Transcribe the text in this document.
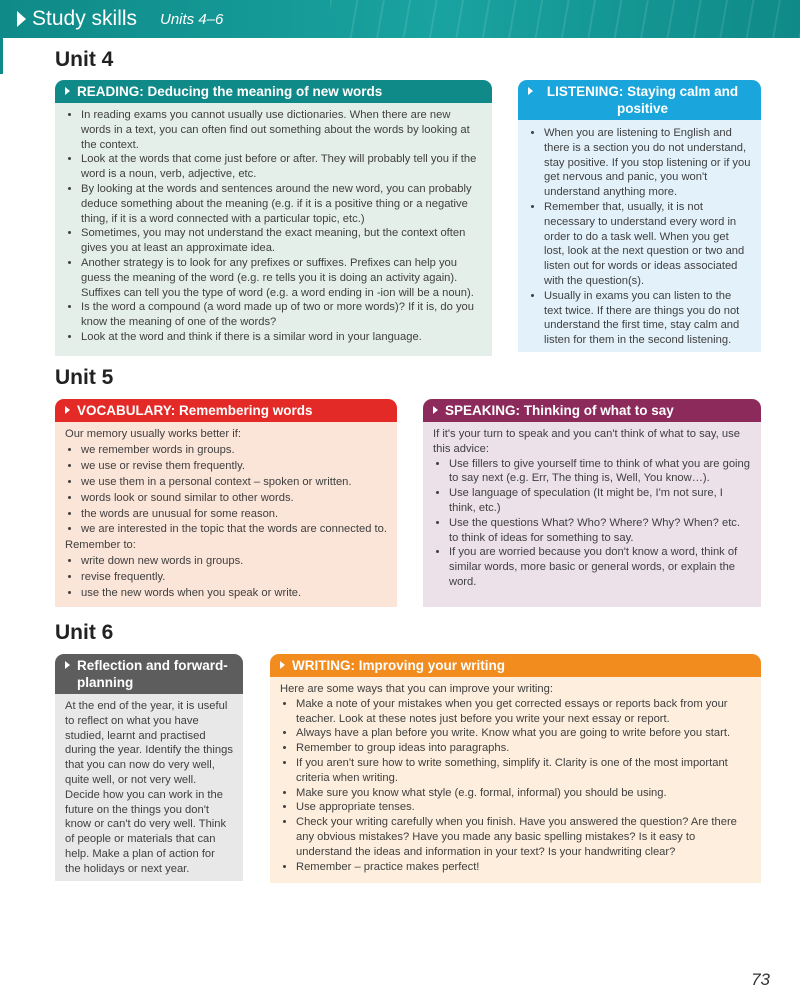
Study skills Units 4–6
Unit 4
READING: Deducing the meaning of new words
• In reading exams you cannot usually use dictionaries. When there are new words in a text, you can often find out something about the words by looking at the context.
• Look at the words that come just before or after. They will probably tell you if the word is a noun, verb, adjective, etc.
• By looking at the words and sentences around the new word, you can probably deduce something about the meaning (e.g. if it is a positive thing or a negative thing, if it is a word connected with a particular topic, etc.)
• Sometimes, you may not understand the exact meaning, but the context often gives you at least an approximate idea.
• Another strategy is to look for any prefixes or suffixes. Prefixes can help you guess the meaning of the word (e.g. re tells you it is doing an activity again). Suffixes can tell you the type of word (e.g. a word ending in -ion will be a noun).
• Is the word a compound (a word made up of two or more words)? If it is, do you know the meaning of one of the words?
• Look at the word and think if there is a similar word in your language.
LISTENING: Staying calm and positive
• When you are listening to English and there is a section you do not understand, stay positive. If you stop listening or if you get nervous and panic, you won't understand anything more.
• Remember that, usually, it is not necessary to understand every word in order to do a task well. When you get lost, look at the next question or two and listen out for words or ideas associated with the question(s).
• Usually in exams you can listen to the text twice. If there are things you do not understand the first time, stay calm and listen for them in the second listening.
Unit 5
VOCABULARY: Remembering words

Our memory usually works better if:

• we remember words in groups.
• we use or revise them frequently.
• we use them in a personal context – spoken or written.
• words look or sound similar to other words.
• the words are unusual for some reason.
• we are interested in the topic that the words are connected to.

Remember to:

• write down new words in groups.
• revise frequently.
• use the new words when you speak or write.
SPEAKING: Thinking of what to say

If it's your turn to speak and you can't think of what to say, use this advice:

• Use fillers to give yourself time to think of what you are going to say next (e.g. Err, The thing is, Well, You know…).
• Use language of speculation (It might be, I'm not sure, I think, etc.)
• Use the questions What? Who? Where? Why? When? etc. to think of ideas for something to say.
• If you are worried because you don't know a word, think of similar words, more basic or general words, or explain the word.
Unit 6
Reflection and forward-planning

At the end of the year, it is useful to reflect on what you have studied, learnt and practised during the year. Identify the things that you can now do very well, quite well, or not very well. Decide how you can work in the future on the things you don't know or can't do very well. Think of people or materials that can help. Make a plan of action for the holidays or next year.

WRITING: Improving your writing

Here are some ways that you can improve your writing:

• Make a note of your mistakes when you get corrected essays or reports back from your teacher. Look at these notes just before you write your next essay or report.
• Always have a plan before you write. Know what you are going to write before you start.
• Remember to group ideas into paragraphs.
• If you aren't sure how to write something, simplify it. Clarity is one of the most important criteria when writing.
• Make sure you know what style (e.g. formal, informal) you should be using.
• Use appropriate tenses.
• Check your writing carefully when you finish. Have you answered the question? Are there any obvious mistakes? Have you made any basic spelling mistakes? Is it easy to understand the ideas and information in your text? Is your handwriting clear?
• Remember – practice makes perfect!
73
